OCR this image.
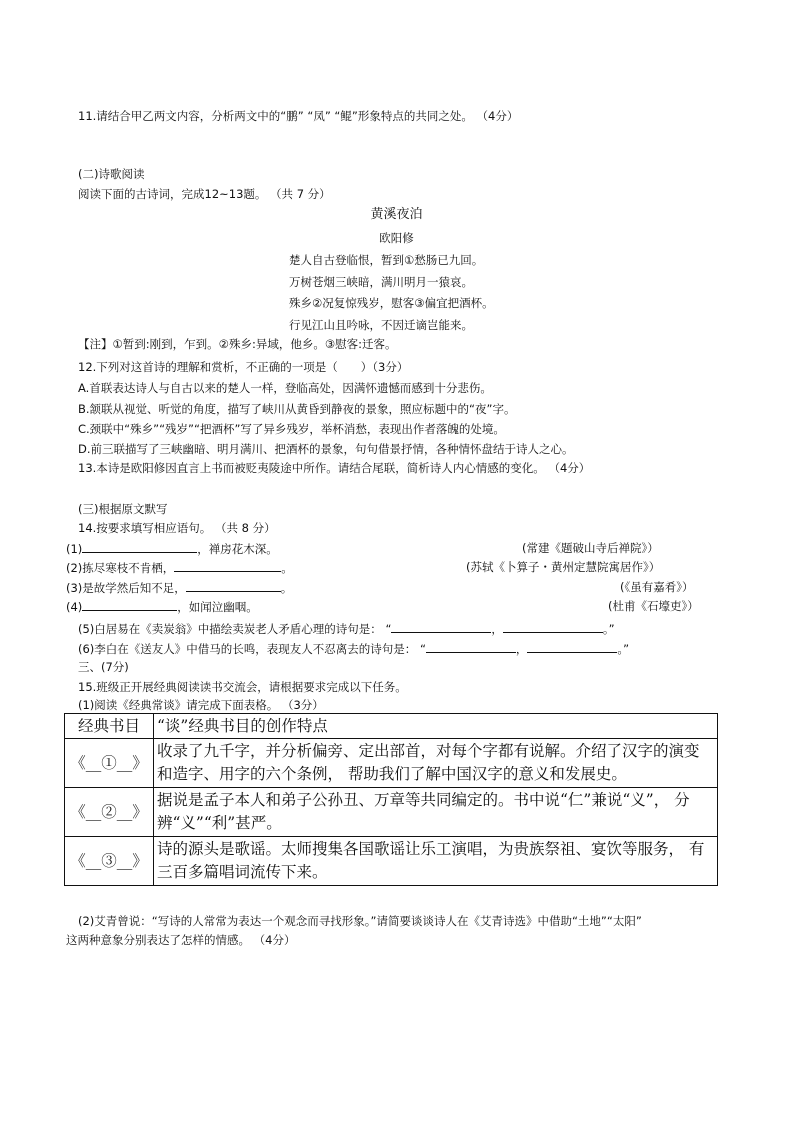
11.请结合甲乙两文内容，分析两文中的“鹏” “凤” “鲲”形象特点的共同之处。 （4分）
(二)诗歌阅读
阅读下面的古诗词，完成12~13题。 （共 7 分）
黄溪夜泊
欧阳修
楚人自古登临恨，暂到①愁肠已九回。
万树苍烟三峡暗，满川明月一猿哀。
殊乡②况复惊残岁，慰客③偏宜把酒杯。
行见江山且吟咏，不因迁谪岂能来。
【注】①暂到:刚到，乍到。②殊乡:异域，他乡。③慰客:迁客。
12.下列对这首诗的理解和赏析，不正确的一项是（　　）（3分）
A.首联表达诗人与自古以来的楚人一样，登临高处，因满怀遗憾而感到十分悲伤。
B.颔联从视觉、听觉的角度，描写了峡川从黄昏到静夜的景象，照应标题中的“夜”字。
C.颈联中“殊乡”“残岁”“把酒杯”写了异乡残岁，举杯消愁，表现出作者落魄的处境。
D.前三联描写了三峡幽暗、明月满川、把酒杯的景象，句句借景抒情，各种情怀盘结于诗人之心。
13.本诗是欧阳修因直言上书而被贬夷陵途中所作。请结合尾联，简析诗人内心情感的变化。 （4分）
(三)根据原文默写
14.按要求填写相应语句。 （共 8 分）
(1)	，禅房花木深。	(常建《题破山寺后禅院》）
(2)拣尽寒枝不肯栖，	。	(苏轼《卜算子・黄州定慧院寓居作》）
(3)是故学然后知不足，	。	(《虽有嘉肴》）
(4)	，如闻泣幽咽。	(杜甫《石壕吏》）
(5)白居易在《卖炭翁》中描绘卖炭老人矛盾心理的诗句是： “	，	。”
(6)李白在《送友人》中借马的长鸣，表现友人不忍离去的诗句是： “	，	。”
三、(7分)
15.班级正开展经典阅读读书交流会，请根据要求完成以下任务。
(1)阅读《经典常谈》请完成下面表格。 （3分）
经典书目	“谈”经典书目的创作特点
《__①__》	收录了九千字，并分析偏旁、定出部首，对每个字都有说解。介绍了汉字的演变和造字、用字的六个条例， 帮助我们了解中国汉字的意义和发展史。
《__②__》	据说是孟子本人和弟子公孙丑、万章等共同编定的。书中说“仁”兼说“义”， 分辨“义”“利”甚严。
《__③__》	诗的源头是歌谣。太师搜集各国歌谣让乐工演唱，为贵族祭祖、宴饮等服务， 有三百多篇唱词流传下来。
(2)艾青曾说：“写诗的人常常为表达一个观念而寻找形象。”请简要谈谈诗人在《艾青诗选》中借助“土地”“太阳”
这两种意象分别表达了怎样的情感。 （4分）
